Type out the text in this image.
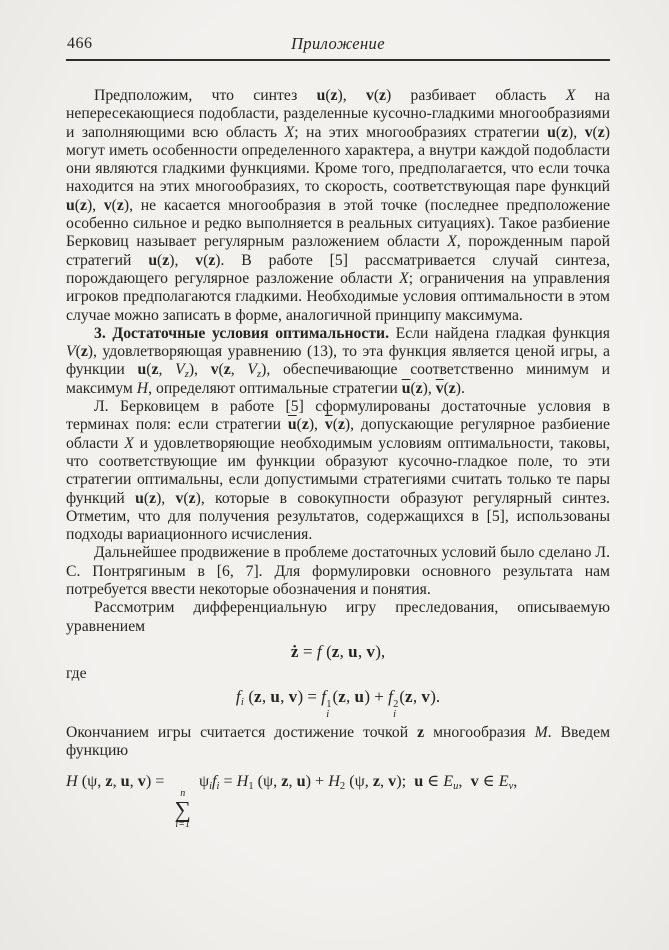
466	Приложение

Предположим, что синтез u(z), v(z) разбивает область X на непересекающиеся подобласти, разделенные кусочно-гладкими многообразиями и заполняющими всю область X; на этих многообразиях стратегии u(z), v(z) могут иметь особенности определенного характера, а внутри каждой подобласти они являются гладкими функциями. Кроме того, предполагается, что если точка находится на этих многообразиях, то скорость, соответствующая паре функций u(z), v(z), не касается многообразия в этой точке (последнее предположение особенно сильное и редко выполняется в реальных ситуациях). Такое разбиение Берковиц называет регулярным разложением области X, порожденным парой стратегий u(z), v(z). В работе [5] рассматривается случай синтеза, порождающего регулярное разложение области X; ограничения на управления игроков предполагаются гладкими. Необходимые условия оптимальности в этом случае можно записать в форме, аналогичной принципу максимума.

3. Достаточные условия оптимальности. Если найдена гладкая функция V(z), удовлетворяющая уравнению (13), то эта функция является ценой игры, а функции u(z, $V_z$), v(z, $V_z$), обеспечивающие соответственно минимум и максимум H, определяют оптимальные стратегии $\overline{u}(z)$, $\overline{v}(z)$.

Л. Берковицем в работе [5] сформулированы достаточные условия в терминах поля: если стратегии $\overline{u}(z)$, $\overline{v}(z)$, допускающие регулярное разбиение области X и удовлетворяющие необходимым условиям оптимальности, таковы, что соответствующие им функции образуют кусочно-гладкое поле, то эти стратегии оптимальны, если допустимыми стратегиями считать только те пары функций u(z), v(z), которые в совокупности образуют регулярный синтез. Отметим, что для получения результатов, содержащихся в [5], использованы подходы вариационного исчисления.

Дальнейшее продвижение в проблеме достаточных условий было сделано Л. С. Понтрягиным в [6, 7]. Для формулировки основного результата нам потребуется ввести некоторые обозначения и понятия.

Рассмотрим дифференциальную игру преследования, описываемую уравнением

ż = f (z, u, v),

где

$f_i$ (z, u, v) = f 1
i
(z, u) + f 2
i
(z, v).

Окончанием игры считается достижение точкой z многообразия M. Введем функцию

H (ψ, z, u, v) =
n
∑
i=1
$\psi_if_i = H_1$ (ψ, z, $u) + H_2$ (ψ, z, v);  u ∈ $E_u$,  v ∈ $E_v$,
